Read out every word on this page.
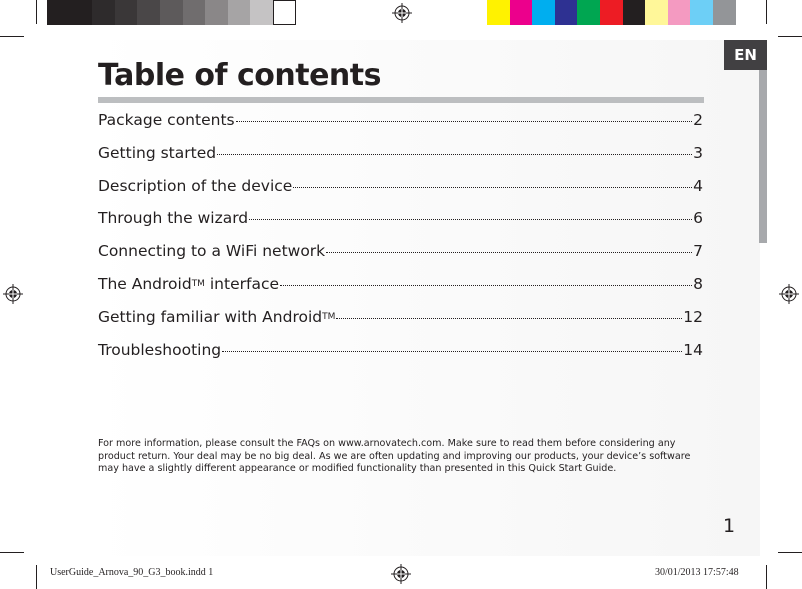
EN
Table of contents
Package contents	2
Getting started	3
Description of the device	4
Through the wizard	6
Connecting to a WiFi network	7
The AndroidTM interface	8
Getting familiar with AndroidTM	12
Troubleshooting	14

For more information, please consult the FAQs on www.arnovatech.com. Make sure to read them before considering any product return. Your deal may be no big deal. As we are often updating and improving our products, your device’s software may have a slightly different appearance or modified functionality than presented in this Quick Start Guide.

1
UserGuide_Arnova_90_G3_book.indd 1	30/01/2013 17:57:48
